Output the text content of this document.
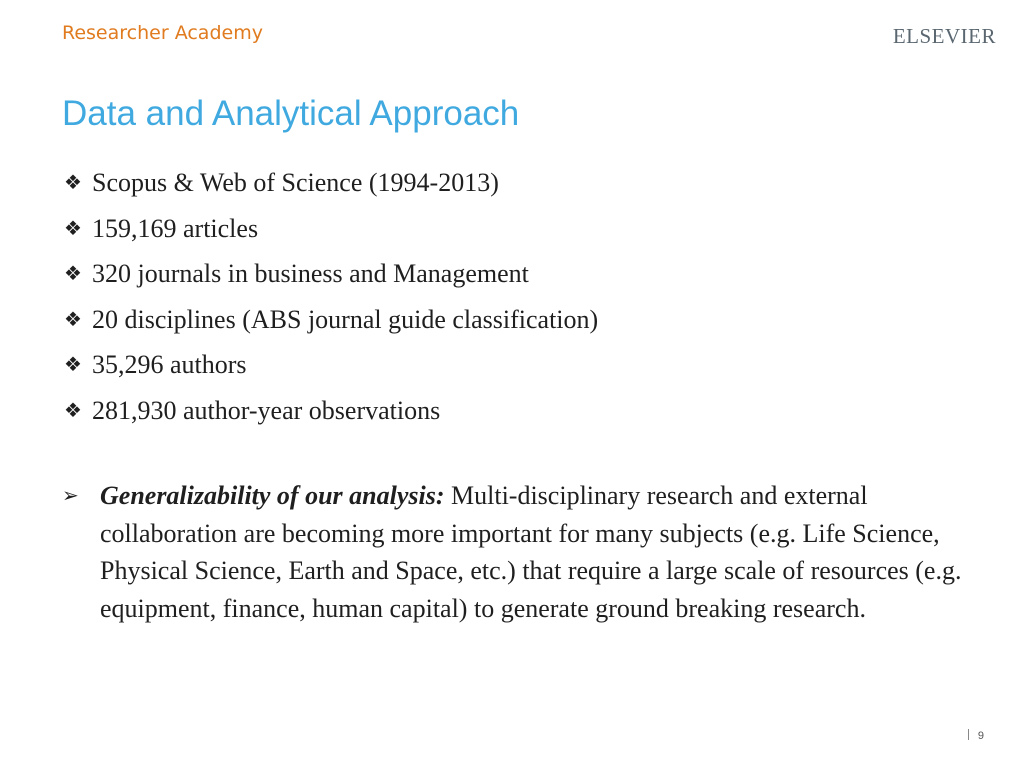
Researcher Academy	ELSEVIER
Data and Analytical Approach
❖ Scopus & Web of Science (1994-2013)
❖ 159,169 articles
❖ 320 journals in business and Management
❖ 20 disciplines (ABS journal guide classification)
❖ 35,296 authors
❖ 281,930 author-year observations
➢ Generalizability of our analysis: Multi-disciplinary research and external collaboration are becoming more important for many subjects (e.g. Life Science, Physical Science, Earth and Space, etc.) that require a large scale of resources (e.g. equipment, finance, human capital) to generate ground breaking research.
9
